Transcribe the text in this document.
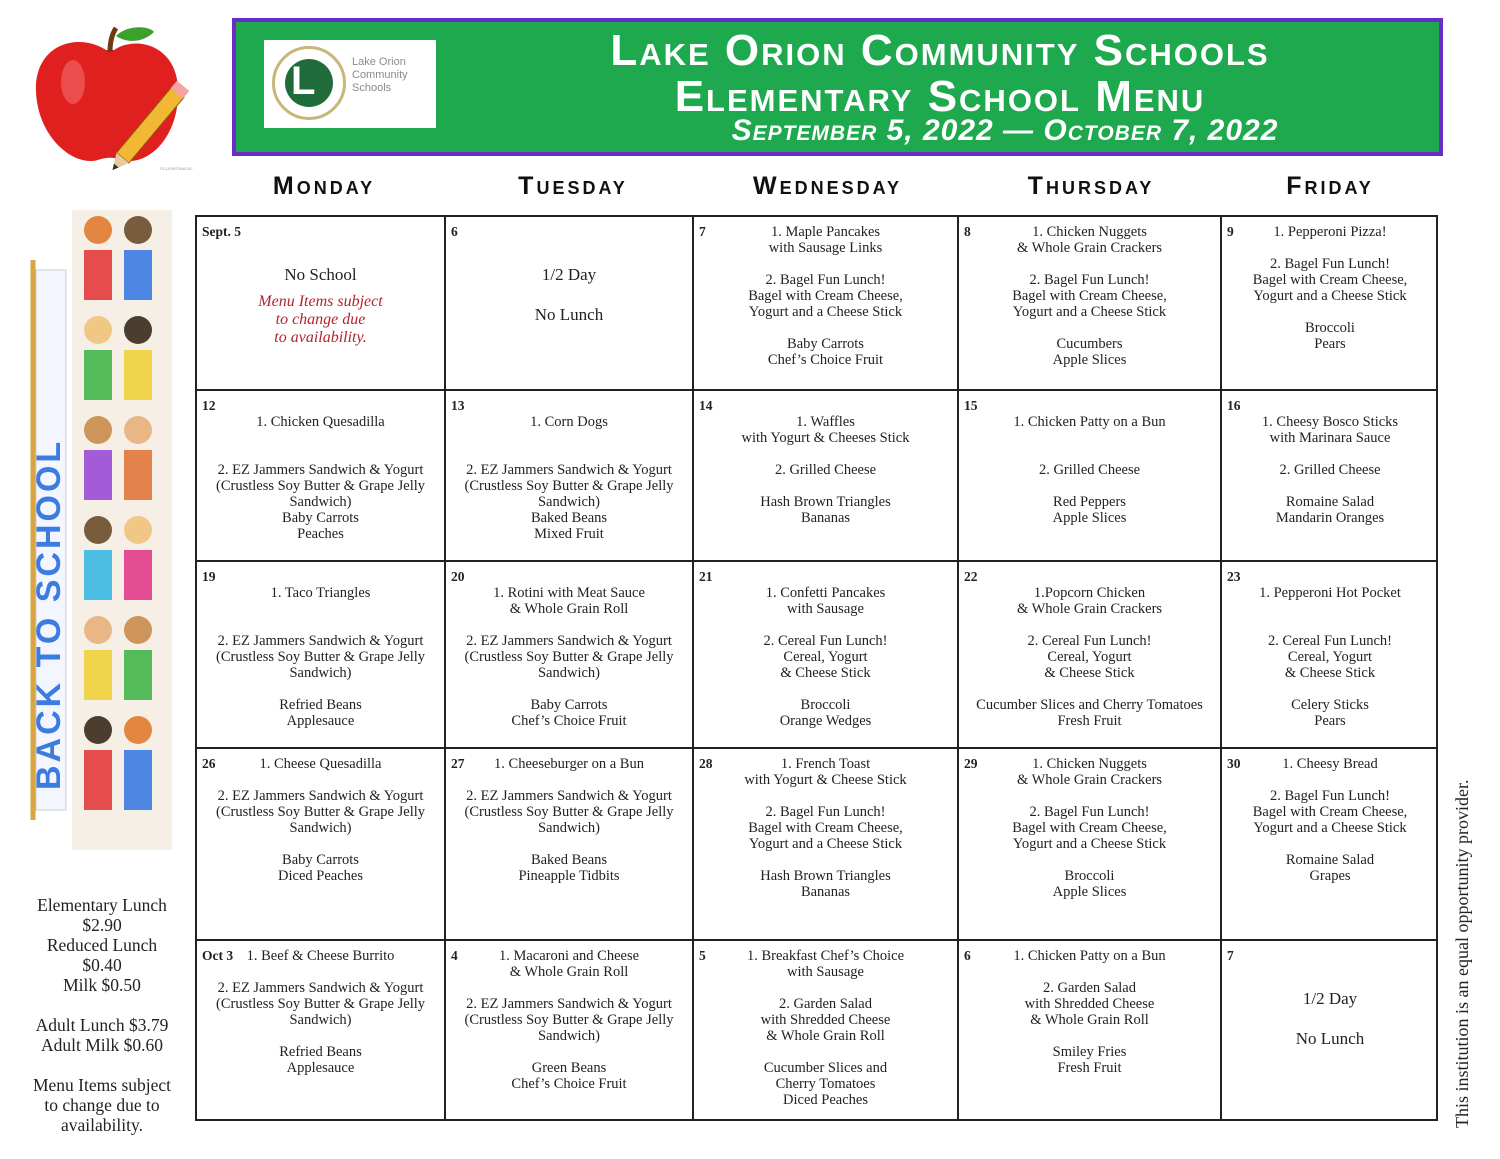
©CLIPARTMAGIC
BACK TO SCHOOL
L	Lake Orion Community Schools
Lake Orion Community Schools
Elementary School Menu
September 5, 2022 — October 7, 2022
Monday	Tuesday	Wednesday	Thursday	Friday
Sept. 5
No School
Menu Items subject
to change due
to availability.
6
1/2 Day

No Lunch
7	1. Maple Pancakes
with Sausage Links

2. Bagel Fun Lunch!
Bagel with Cream Cheese,
Yogurt and a Cheese Stick

Baby Carrots
Chef’s Choice Fruit
8	1. Chicken Nuggets
& Whole Grain Crackers

2. Bagel Fun Lunch!
Bagel with Cream Cheese,
Yogurt and a Cheese Stick

Cucumbers
Apple Slices
9	1. Pepperoni Pizza!

2. Bagel Fun Lunch!
Bagel with Cream Cheese,
Yogurt and a Cheese Stick

Broccoli
Pears
12

1. Chicken Quesadilla

2. EZ Jammers Sandwich & Yogurt
(Crustless Soy Butter & Grape Jelly
Sandwich)
Baby Carrots
Peaches
13

1. Corn Dogs

2. EZ Jammers Sandwich & Yogurt
(Crustless Soy Butter & Grape Jelly
Sandwich)
Baked Beans
Mixed Fruit
14

1. Waffles
with Yogurt & Cheeses Stick

2. Grilled Cheese

Hash Brown Triangles
Bananas
15

1. Chicken Patty on a Bun

2. Grilled Cheese

Red Peppers
Apple Slices
16

1. Cheesy Bosco Sticks
with Marinara Sauce

2. Grilled Cheese

Romaine Salad
Mandarin Oranges
19

1. Taco Triangles

2. EZ Jammers Sandwich & Yogurt
(Crustless Soy Butter & Grape Jelly
Sandwich)

Refried Beans
Applesauce
20

1. Rotini with Meat Sauce
& Whole Grain Roll

2. EZ Jammers Sandwich & Yogurt
(Crustless Soy Butter & Grape Jelly
Sandwich)

Baby Carrots
Chef’s Choice Fruit
21

1. Confetti Pancakes
with Sausage

2. Cereal Fun Lunch!
Cereal, Yogurt
& Cheese Stick

Broccoli
Orange Wedges
22

1.Popcorn Chicken
& Whole Grain Crackers

2. Cereal Fun Lunch!
Cereal, Yogurt
& Cheese Stick

Cucumber Slices and Cherry Tomatoes
Fresh Fruit
23

1. Pepperoni Hot Pocket

2. Cereal Fun Lunch!
Cereal, Yogurt
& Cheese Stick

Celery Sticks
Pears
26	1. Cheese Quesadilla

2. EZ Jammers Sandwich & Yogurt
(Crustless Soy Butter & Grape Jelly
Sandwich)

Baby Carrots
Diced Peaches
27	1. Cheeseburger on a Bun

2. EZ Jammers Sandwich & Yogurt
(Crustless Soy Butter & Grape Jelly
Sandwich)

Baked Beans
Pineapple Tidbits
28	1. French Toast
with Yogurt & Cheese Stick

2. Bagel Fun Lunch!
Bagel with Cream Cheese,
Yogurt and a Cheese Stick

Hash Brown Triangles
Bananas
29	1. Chicken Nuggets
& Whole Grain Crackers

2. Bagel Fun Lunch!
Bagel with Cream Cheese,
Yogurt and a Cheese Stick

Broccoli
Apple Slices
30	1. Cheesy Bread

2. Bagel Fun Lunch!
Bagel with Cream Cheese,
Yogurt and a Cheese Stick

Romaine Salad
Grapes
Oct 3 1. Beef & Cheese Burrito

2. EZ Jammers Sandwich & Yogurt
(Crustless Soy Butter & Grape Jelly
Sandwich)

Refried Beans
Applesauce
4	1. Macaroni and Cheese
& Whole Grain Roll

2. EZ Jammers Sandwich & Yogurt
(Crustless Soy Butter & Grape Jelly
Sandwich)

Green Beans
Chef’s Choice Fruit
5	1. Breakfast Chef’s Choice
with Sausage

2. Garden Salad
with Shredded Cheese
& Whole Grain Roll

Cucumber Slices and
Cherry Tomatoes
Diced Peaches
6	1. Chicken Patty on a Bun

2. Garden Salad
with Shredded Cheese
& Whole Grain Roll

Smiley Fries
Fresh Fruit
7
1/2 Day

No Lunch
Elementary Lunch
$2.90
Reduced Lunch
$0.40
Milk $0.50
Adult Lunch $3.79
Adult Milk $0.60
Menu Items subject
to change due to
availability.	This institution is an equal opportunity provider.
